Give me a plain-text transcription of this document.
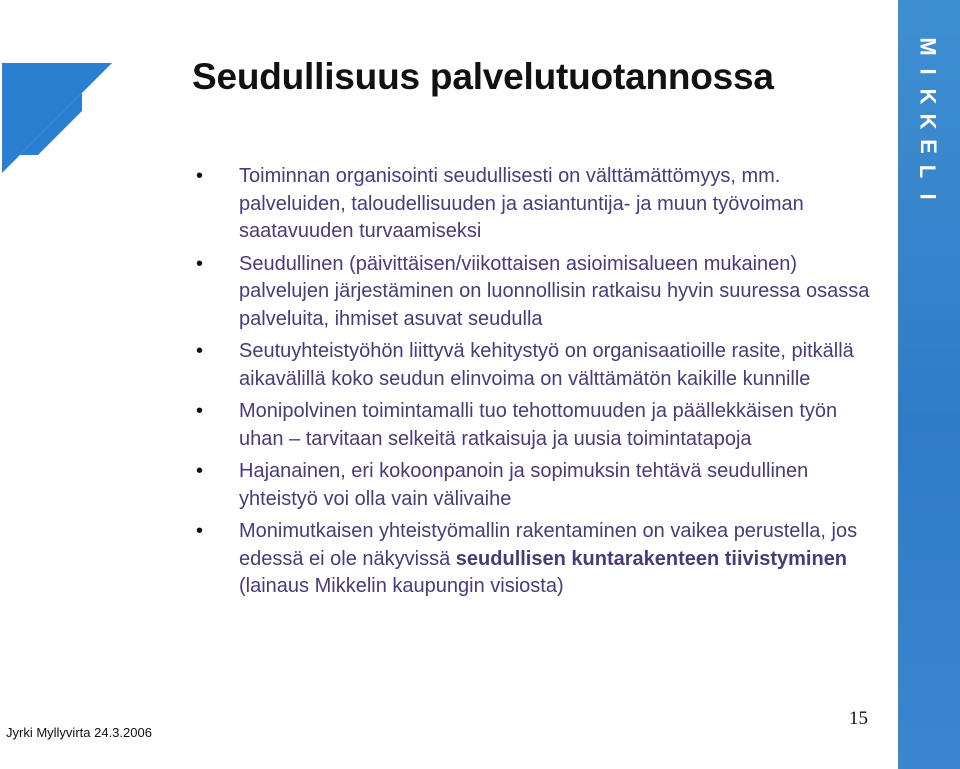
Seudullisuus palvelutuotannossa
• Toiminnan organisointi seudullisesti on välttämättömyys, mm. palveluiden, taloudellisuuden ja asiantuntija- ja muun työvoiman saatavuuden turvaamiseksi
• Seudullinen (päivittäisen/viikottaisen asioimisalueen mukainen) palvelujen järjestäminen on luonnollisin ratkaisu hyvin suuressa osassa palveluita, ihmiset asuvat seudulla
• Seutuyhteistyöhön liittyvä kehitystyö on organisaatioille rasite, pitkällä aikavälillä koko seudun elinvoima on välttämätön kaikille kunnille
• Monipolvinen toimintamalli tuo tehottomuuden ja päällekkäisen työn uhan – tarvitaan selkeitä ratkaisuja ja uusia toimintatapoja
• Hajanainen, eri kokoonpanoin ja sopimuksin tehtävä seudullinen yhteistyö voi olla vain välivaihe
• Monimutkaisen yhteistyömallin rakentaminen on vaikea perustella, jos edessä ei ole näkyvissä seudullisen kuntarakenteen tiivistyminen (lainaus Mikkelin kaupungin visiosta)
M
I
K
K
E
L
I

Jyrki Myllyvirta 24.3.2006

15
